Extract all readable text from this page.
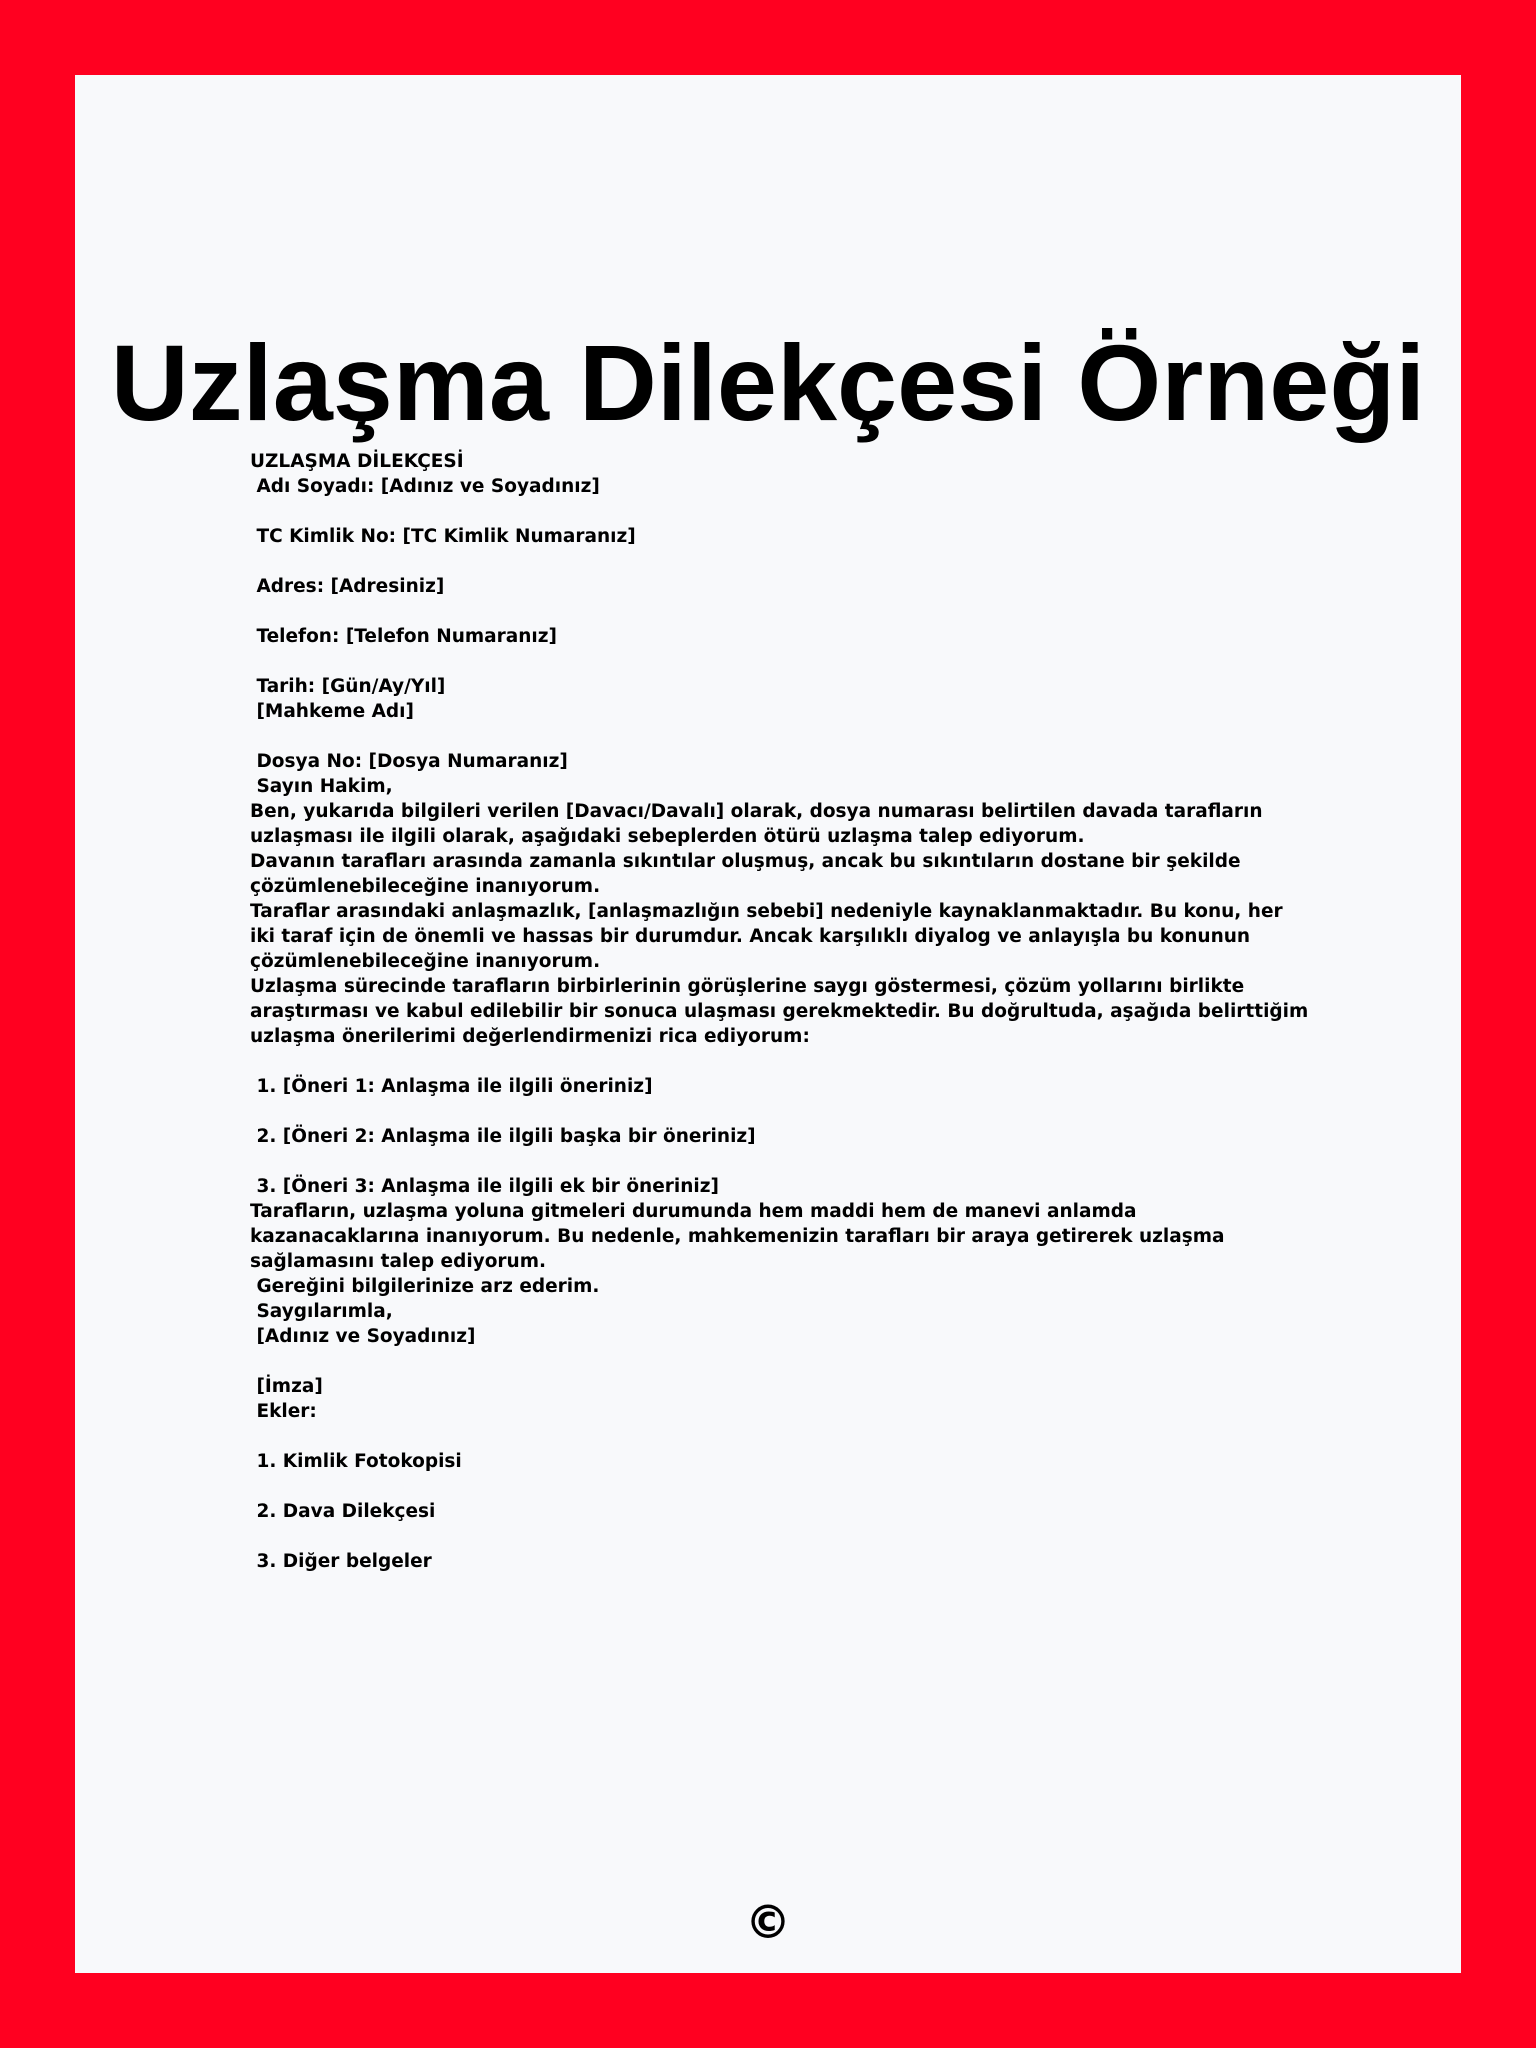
Uzlaşma Dilekçesi Örneği
UZLAŞMA DİLEKÇESİ
Adı Soyadı: [Adınız ve Soyadınız]
TC Kimlik No: [TC Kimlik Numaranız]
Adres: [Adresiniz]
Telefon: [Telefon Numaranız]
Tarih: [Gün/Ay/Yıl]
[Mahkeme Adı]
Dosya No: [Dosya Numaranız]
Sayın Hakim,
Ben, yukarıda bilgileri verilen [Davacı/Davalı] olarak, dosya numarası belirtilen davada tarafların uzlaşması ile ilgili olarak, aşağıdaki sebeplerden ötürü uzlaşma talep ediyorum.
Davanın tarafları arasında zamanla sıkıntılar oluşmuş, ancak bu sıkıntıların dostane bir şekilde çözümlenebileceğine inanıyorum.
Taraflar arasındaki anlaşmazlık, [anlaşmazlığın sebebi] nedeniyle kaynaklanmaktadır. Bu konu, her iki taraf için de önemli ve hassas bir durumdur. Ancak karşılıklı diyalog ve anlayışla bu konunun çözümlenebileceğine inanıyorum.
Uzlaşma sürecinde tarafların birbirlerinin görüşlerine saygı göstermesi, çözüm yollarını birlikte araştırması ve kabul edilebilir bir sonuca ulaşması gerekmektedir. Bu doğrultuda, aşağıda belirttiğim uzlaşma önerilerimi değerlendirmenizi rica ediyorum:
1. [Öneri 1: Anlaşma ile ilgili öneriniz]
2. [Öneri 2: Anlaşma ile ilgili başka bir öneriniz]
3. [Öneri 3: Anlaşma ile ilgili ek bir öneriniz]
Tarafların, uzlaşma yoluna gitmeleri durumunda hem maddi hem de manevi anlamda kazanacaklarına inanıyorum. Bu nedenle, mahkemenizin tarafları bir araya getirerek uzlaşma sağlamasını talep ediyorum.
Gereğini bilgilerinize arz ederim.
Saygılarımla,
[Adınız ve Soyadınız]
[İmza]
Ekler:
1. Kimlik Fotokopisi
2. Dava Dilekçesi
3. Diğer belgeler
©
